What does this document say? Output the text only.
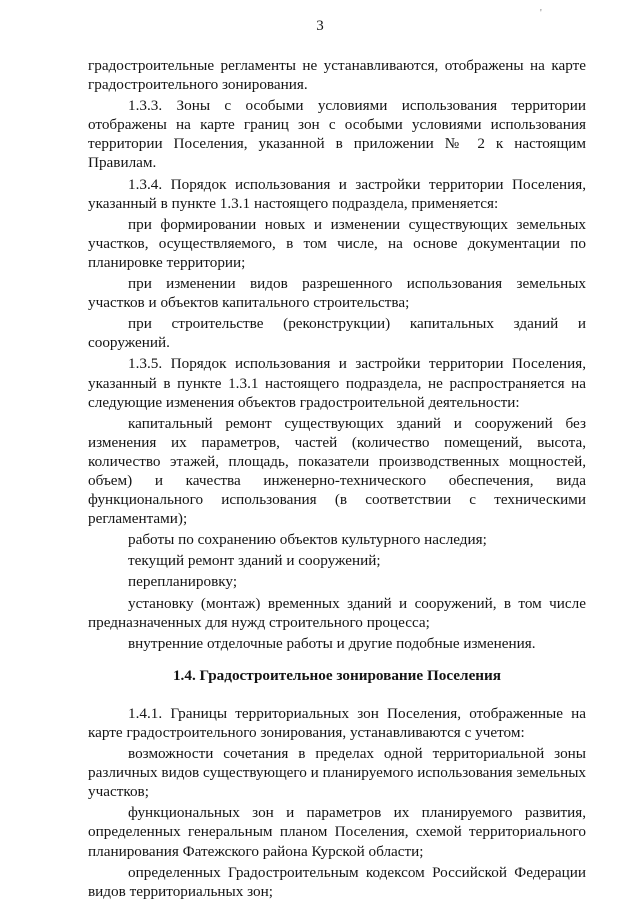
3
'

градостроительные регламенты не устанавливаются, отображены на карте градостроительного зонирования.

1.3.3. Зоны с особыми условиями использования территории отображены на карте границ зон с особыми условиями использования территории Поселения, указанной в приложении № 2 к настоящим Правилам.

1.3.4. Порядок использования и застройки территории Поселения, указанный в пункте 1.3.1 настоящего подраздела, применяется:

при формировании новых и изменении существующих земельных участков, осуществляемого, в том числе, на основе документации по планировке территории;

при изменении видов разрешенного использования земельных участков и объектов капитального строительства;

при строительстве (реконструкции) капитальных зданий и сооружений.

1.3.5. Порядок использования и застройки территории Поселения, указанный в пункте 1.3.1 настоящего подраздела, не распространяется на следующие изменения объектов градостроительной деятельности:

капитальный ремонт существующих зданий и сооружений без изменения их параметров, частей (количество помещений, высота, количество этажей, площадь, показатели производственных мощностей, объем) и качества инженерно-технического обеспечения, вида функционального использования (в соответствии с техническими регламентами);

работы по сохранению объектов культурного наследия;

текущий ремонт зданий и сооружений;

перепланировку;

установку (монтаж) временных зданий и сооружений, в том числе предназначенных для нужд строительного процесса;

внутренние отделочные работы и другие подобные изменения.

1.4. Градостроительное зонирование Поселения

1.4.1. Границы территориальных зон Поселения, отображенные на карте градостроительного зонирования, устанавливаются с учетом:

возможности сочетания в пределах одной территориальной зоны различных видов существующего и планируемого использования земельных участков;

функциональных зон и параметров их планируемого развития, определенных генеральным планом Поселения, схемой территориального планирования Фатежского района Курской области;

определенных Градостроительным кодексом Российской Федерации видов территориальных зон;
